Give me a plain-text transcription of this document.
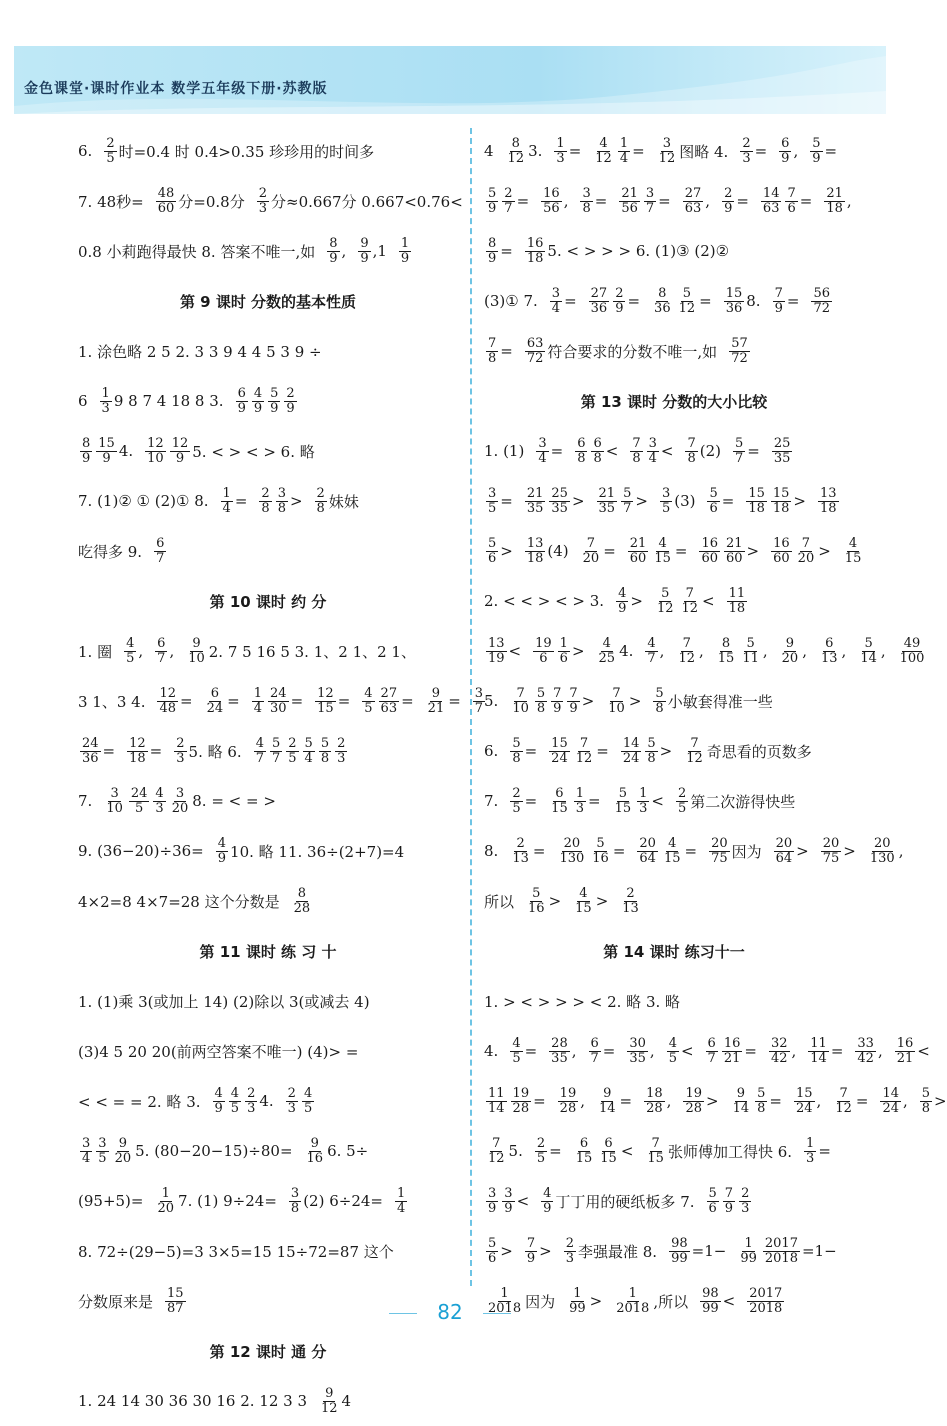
金色课堂·课时作业本 数学五年级下册·苏教版
6. $\frac{2}{5}$ 时=0.4 时 0.4>0.35 珍珍用的时间多
7. 48秒= $\frac{48}{60}$ 分=0.8分 $\frac{2}{3}$ 分≈0.667分 0.667<0.76<
0.8 小莉跑得最快 8. 答案不唯一,如 $\frac{8}{9}$ , $\frac{9}{9} ,1 \frac{1}{9}$
第 9 课时 分数的基本性质
1. 涂色略 2 5 2. 3 3 9 4 4 5 3 9 ÷
$6 \frac{1}{3} 9$ 8 7 4 18 8 3. $\frac{6}{9} \frac{4}{9} \frac{5}{9} \frac{2}{9}$
$\frac{8}{9} \frac{15}{9} 4$. $\frac{12}{10} \frac{12}{9} 5$. < > < > 6. 略
7. (1)② ① (2)① 8. $\frac{1}{4} = \frac{2}{8} \frac{3}{8} > \frac{2}{8}$ 妹妹
吃得多 9. $\frac{6}{7}$
第 10 课时 约 分
1. 圈 $\frac{4}{5}$ , $\frac{6}{7}$ , $\frac{9}{10} 2$. 7 5 16 5 3. 1、2 1、2 1、
3 1、3 4. $\frac{12}{48} = \frac{6}{24} = \frac{1}{4} \frac{24}{30} = \frac{12}{15} = \frac{4}{5} \frac{27}{63} = \frac{9}{21} = \frac{3}{7}$
$\frac{24}{36} = \frac{12}{18} = \frac{2}{3} 5$. 略 6. $\frac{4}{7} \frac{5}{7} \frac{2}{5} \frac{5}{4} \frac{5}{8} \frac{2}{3}$
7. $\frac{3}{10} \frac{24}{5} \frac{4}{3} \frac{3}{20} 8$. = < = >
9. $(36-20)\div 36= \frac{4}{9} 10$. 略 11. 36÷(2+7)=4
4×2=8 4×7=28 这个分数是 $\frac{8}{28}$
第 11 课时 练 习 十
1. (1)乘 3(或加上 14) (2)除以 3(或减去 4)
(3)4 5 20 20(前两空答案不唯一) (4)> =
< < = = 2. 略 3. $\frac{4}{9} \frac{4}{5} \frac{2}{3} 4$. $\frac{2}{3} \frac{4}{5}$
$\frac{3}{4} \frac{3}{5} \frac{9}{20} 5$. $(80-20-15)\div 80= \frac{9}{16} 6$. 5÷
$(95+5)= \frac{1}{20} 7$. (1) $9\div 24= \frac{3}{8} (2)$ $6\div 24= \frac{1}{4}$
8. 72÷(29−5)=3 3×5=15 15÷72=87 这个
分数原来是 $\frac{15}{87}$
第 12 课时 通 分
1. 24 14 30 36 30 16 2. 12 3 $3 \frac{9}{12} 4$
$4 \frac{8}{12} 3$. $\frac{1}{3} = \frac{4}{12} \frac{1}{4} = \frac{3}{12}$ 图略 4. $\frac{2}{3} = \frac{6}{9}$ , $\frac{5}{9}$ =
$\frac{5}{9} \frac{2}{7} = \frac{16}{56}$ , $\frac{3}{8} = \frac{21}{56} \frac{3}{7} = \frac{27}{63}$ , $\frac{2}{9} = \frac{14}{63} \frac{7}{6} = \frac{21}{18}$ ,
$\frac{8}{9} = \frac{16}{18} 5$. < > > > 6. (1)③ (2)②
(3)① 7. $\frac{3}{4} = \frac{27}{36} \frac{2}{9} = \frac{8}{36} \frac{5}{12} = \frac{15}{36} 8$. $\frac{7}{9} = \frac{56}{72}$
$\frac{7}{8} = \frac{63}{72}$ 符合要求的分数不唯一,如 $\frac{57}{72}$
第 13 课时 分数的大小比较
1. $(1) \frac{3}{4} = \frac{6}{8} \frac{6}{8} < \frac{7}{8} \frac{3}{4} < \frac{7}{8} (2) \frac{5}{7} = \frac{25}{35}$
$\frac{3}{5} = \frac{21}{35} \frac{25}{35} > \frac{21}{35} \frac{5}{7} > \frac{3}{5} (3) \frac{5}{6} = \frac{15}{18} \frac{15}{18} > \frac{13}{18}$
$\frac{5}{6} > \frac{13}{18} (4) \frac{7}{20} = \frac{21}{60} \frac{4}{15} = \frac{16}{60} \frac{21}{60} > \frac{16}{60} \frac{7}{20} > \frac{4}{15}$
2. < < > < > 3. $\frac{4}{9} > \frac{5}{12} \frac{7}{12} < \frac{11}{18}$
$\frac{13}{19} < \frac{19}{6} \frac{1}{6} > \frac{4}{25} 4$. $\frac{4}{7}$ , $\frac{7}{12}$ , $\frac{8}{15} \frac{5}{11}$ , $\frac{9}{20}$ , $\frac{6}{13}$ , $\frac{5}{14}$ , $\frac{49}{100}$
5. $\frac{7}{10} \frac{5}{8} \frac{7}{9} \frac{7}{9} > \frac{7}{10} > \frac{5}{8}$ 小敏套得准一些
6. $\frac{5}{8} = \frac{15}{24} \frac{7}{12} = \frac{14}{24} \frac{5}{8} > \frac{7}{12}$ 奇思看的页数多
7. $\frac{2}{5} = \frac{6}{15} \frac{1}{3} = \frac{5}{15} \frac{1}{3} < \frac{2}{5}$ 第二次游得快些
8. $\frac{2}{13} = \frac{20}{130} \frac{5}{16} = \frac{20}{64} \frac{4}{15} = \frac{20}{75}$ 因为 $\frac{20}{64} > \frac{20}{75} > \frac{20}{130}$ ,
所以 $\frac{5}{16} > \frac{4}{15} > \frac{2}{13}$
第 14 课时 练习十一
1. > < > > > < 2. 略 3. 略
4. $\frac{4}{5} = \frac{28}{35}$ , $\frac{6}{7} = \frac{30}{35}$ , $\frac{4}{5} < \frac{6}{7} \frac{16}{21} = \frac{32}{42}$ , $\frac{11}{14} = \frac{33}{42}$ , $\frac{16}{21}$ <
$\frac{11}{14} \frac{19}{28} = \frac{19}{28}$ , $\frac{9}{14} = \frac{18}{28}$ , $\frac{19}{28} > \frac{9}{14} \frac{5}{8} = \frac{15}{24}$ , $\frac{7}{12} = \frac{14}{24}$ , $\frac{5}{8}$ >
$\frac{7}{12} 5$. $\frac{2}{5} = \frac{6}{15} \frac{6}{15} < \frac{7}{15}$ 张师傅加工得快 6. $\frac{1}{3}$ =
$\frac{3}{9} \frac{3}{9} < \frac{4}{9}$ 丁丁用的硬纸板多 7. $\frac{5}{6} \frac{7}{9} \frac{2}{3}$
$\frac{5}{6} > \frac{7}{9} > \frac{2}{3}$ 李强最准 8. $\frac{98}{99} =1- \frac{1}{99} \frac{2017}{2018} =1-$
$\frac{1}{2018}$ 因为 $\frac{1}{99} > \frac{1}{2018}$ ,所以 $\frac{98}{99} < \frac{2017}{2018}$
82
